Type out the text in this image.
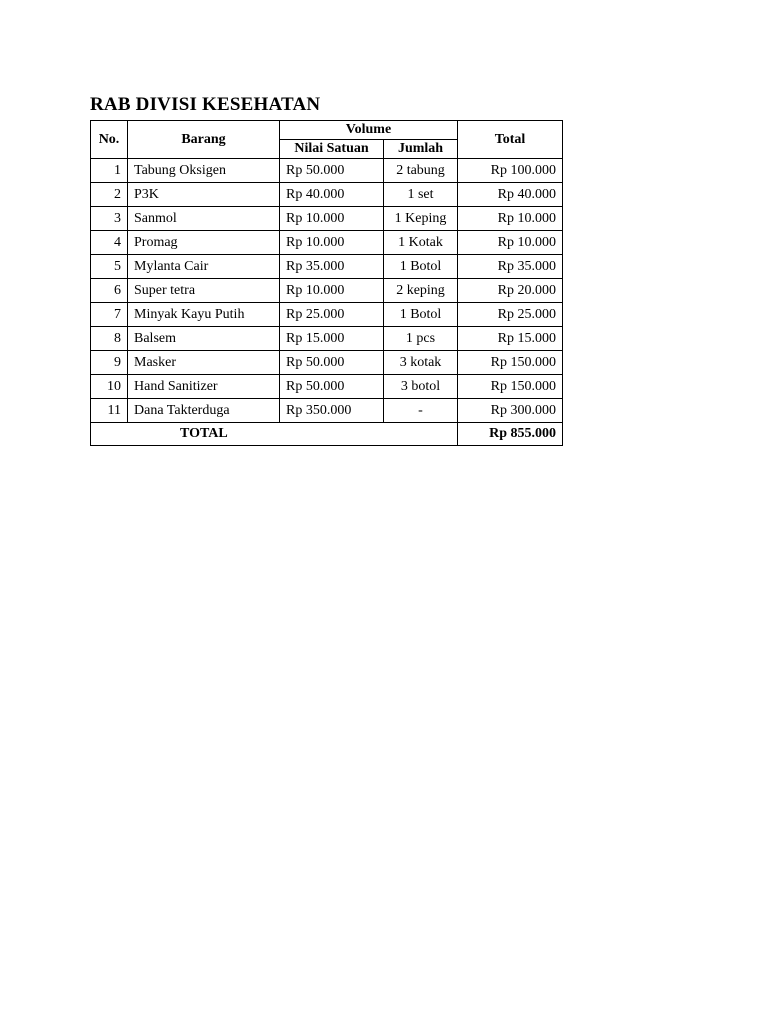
RAB DIVISI KESEHATAN
No.	Barang	Volume		Total
		Nilai Satuan	Jumlah	
1	Tabung Oksigen	Rp 50.000	2 tabung	Rp 100.000
2	P3K	Rp 40.000	1 set	Rp 40.000
3	Sanmol	Rp 10.000	1 Keping	Rp 10.000
4	Promag	Rp 10.000	1 Kotak	Rp 10.000
5	Mylanta Cair	Rp 35.000	1 Botol	Rp 35.000
6	Super tetra	Rp 10.000	2 keping	Rp 20.000
7	Minyak Kayu Putih	Rp 25.000	1 Botol	Rp 25.000
8	Balsem	Rp 15.000	1 pcs	Rp 15.000
9	Masker	Rp 50.000	3 kotak	Rp 150.000
10	Hand Sanitizer	Rp 50.000	3 botol	Rp 150.000
11	Dana Takterduga	Rp 350.000	-	Rp 300.000
TOTAL				Rp 855.000
